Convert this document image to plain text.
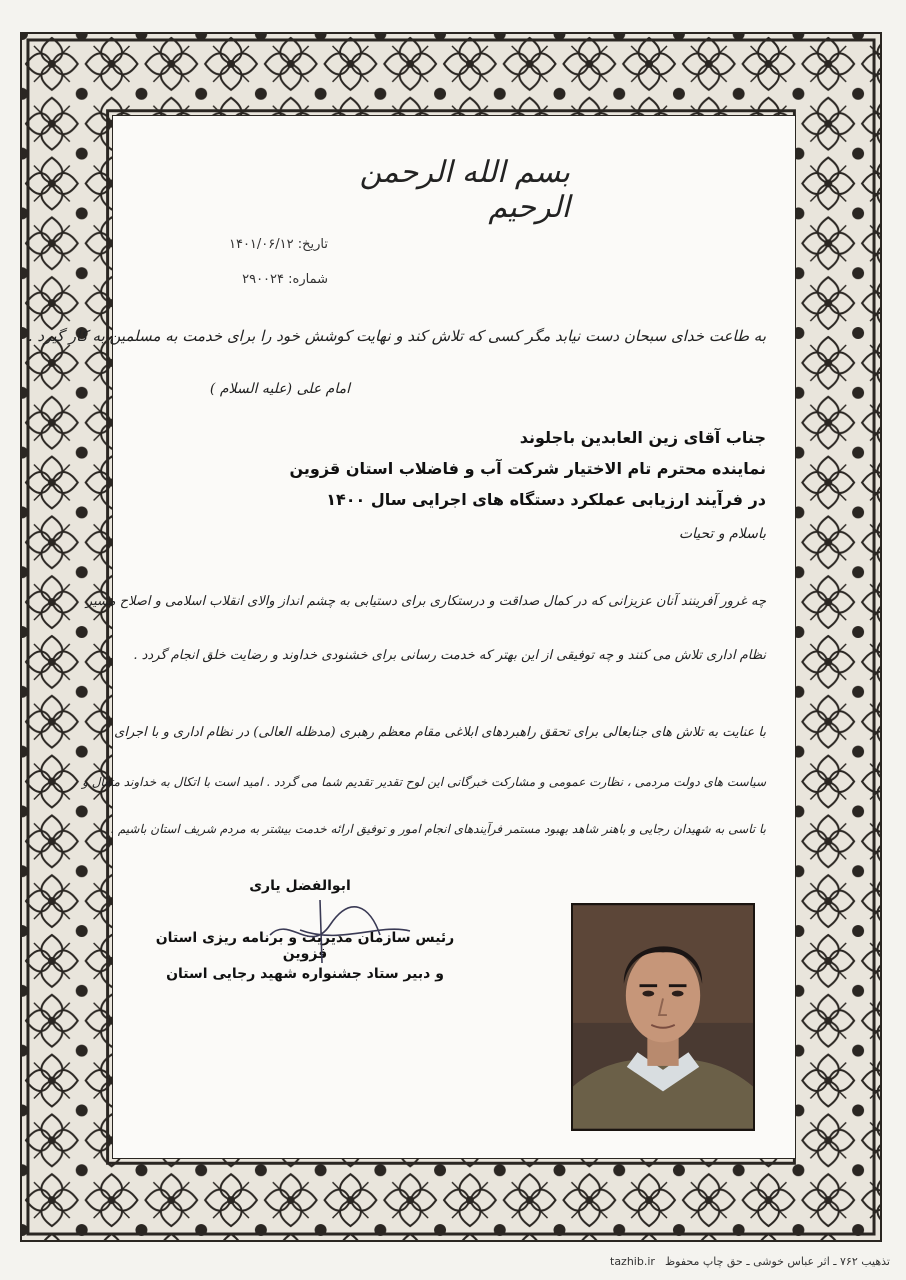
بسم الله الرحمن الرحيم
تاریخ: ۱۴۰۱/۰۶/۱۲
شماره: ۲۹۰۰۲۴
به طاعت خدای سبحان دست نیابد مگر کسی که تلاش کند و نهایت کوشش خود را برای خدمت به مسلمین به کار گیرد .
امام علی (علیه السلام )
جناب آقای زین العابدین باجلوند
نماینده محترم تام الاختیار شرکت آب و فاضلاب استان قزوین
در فرآیند ارزیابی عملکرد دستگاه های اجرایی سال ۱۴۰۰
باسلام و تحیات
چه غرور آفرینند آنان عزیزانی که در کمال صداقت و درستکاری برای دستیابی به چشم انداز والای انقلاب اسلامی و اصلاح مسیر
نظام اداری تلاش می کنند و چه توفیقی از این بهتر که خدمت رسانی برای خشنودی خداوند و رضایت خلق انجام گردد .
با عنایت به تلاش های جنابعالی برای تحقق راهبردهای ابلاغی مقام معظم رهبری (مدظله العالی) در نظام اداری و با اجرای
سیاست های دولت مردمی ، نظارت عمومی و مشارکت خبرگانی این لوح تقدیر تقدیم شما می گردد . امید است با اتکال به خداوند متعال و
با تاسی به شهیدان رجایی و باهنر شاهد بهبود مستمر فرآیندهای انجام امور و توفیق ارائه خدمت بیشتر به مردم شریف استان باشیم .
ابوالفضل یاری
رئیس سازمان مدیریت و برنامه ریزی استان قزوین
و دبیر ستاد جشنواره شهید رجایی استان
tazhib.ir تذهیب ۷۶۲ ـ اثر عباس خوشی ـ حق چاپ محفوظ
